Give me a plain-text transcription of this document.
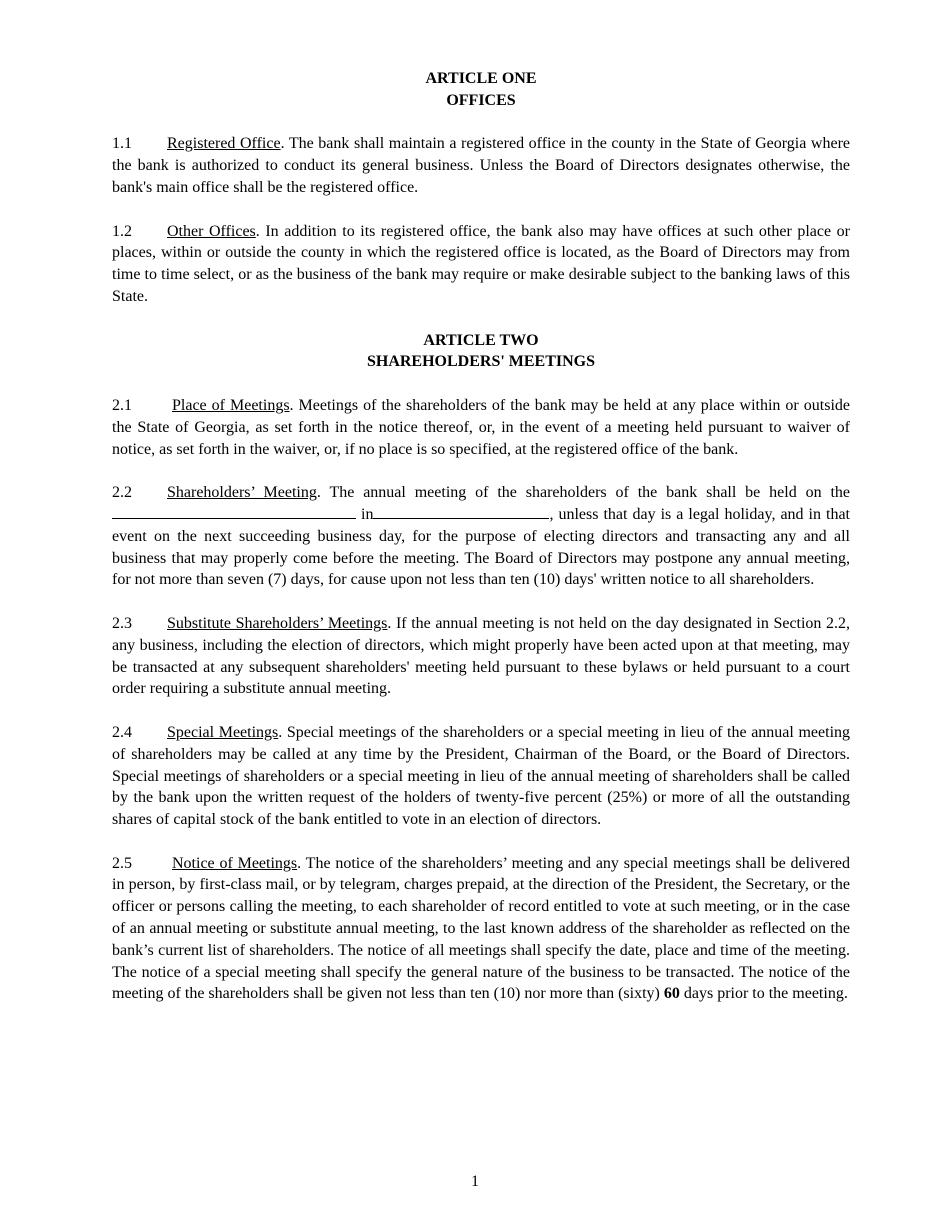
ARTICLE ONE
OFFICES

1.1 Registered Office. The bank shall maintain a registered office in the county in the State of Georgia where the bank is authorized to conduct its general business. Unless the Board of Directors designates otherwise, the bank's main office shall be the registered office.

1.2 Other Offices. In addition to its registered office, the bank also may have offices at such other place or places, within or outside the county in which the registered office is located, as the Board of Directors may from time to time select, or as the business of the bank may require or make desirable subject to the banking laws of this State.

ARTICLE TWO
SHAREHOLDERS' MEETINGS

2.1	Place of Meetings. Meetings of the shareholders of the bank may be held at any place within or outside the State of Georgia, as set forth in the notice thereof, or, in the event of a meeting held pursuant to waiver of notice, as set forth in the waiver, or, if no place is so specified, at the registered office of the bank.

2.2 Shareholders’ Meeting. The annual meeting of the shareholders of the bank shall be held on the in	, unless that day is a legal holiday, and in that event on the next succeeding business day, for the purpose of electing directors and transacting any and all business that may properly come before the meeting. The Board of Directors may postpone any annual meeting, for not more than seven (7) days, for cause upon not less than ten (10) days' written notice to all shareholders.

2.3 Substitute Shareholders’ Meetings. If the annual meeting is not held on the day designated in Section 2.2, any business, including the election of directors, which might properly have been acted upon at that meeting, may be transacted at any subsequent shareholders' meeting held pursuant to these bylaws or held pursuant to a court order requiring a substitute annual meeting.

2.4 Special Meetings. Special meetings of the shareholders or a special meeting in lieu of the annual meeting of shareholders may be called at any time by the President, Chairman of the Board, or the Board of Directors. Special meetings of shareholders or a special meeting in lieu of the annual meeting of shareholders shall be called by the bank upon the written request of the holders of twenty-five percent (25%) or more of all the outstanding shares of capital stock of the bank entitled to vote in an election of directors.

2.5	Notice of Meetings. The notice of the shareholders’ meeting and any special meetings shall be delivered in person, by first-class mail, or by telegram, charges prepaid, at the direction of the President, the Secretary, or the officer or persons calling the meeting, to each shareholder of record entitled to vote at such meeting, or in the case of an annual meeting or substitute annual meeting, to the last known address of the shareholder as reflected on the bank’s current list of shareholders. The notice of all meetings shall specify the date, place and time of the meeting. The notice of a special meeting shall specify the general nature of the business to be transacted. The notice of the meeting of the shareholders shall be given not less than ten (10) nor more than (sixty) 60 days prior to the meeting.

1
